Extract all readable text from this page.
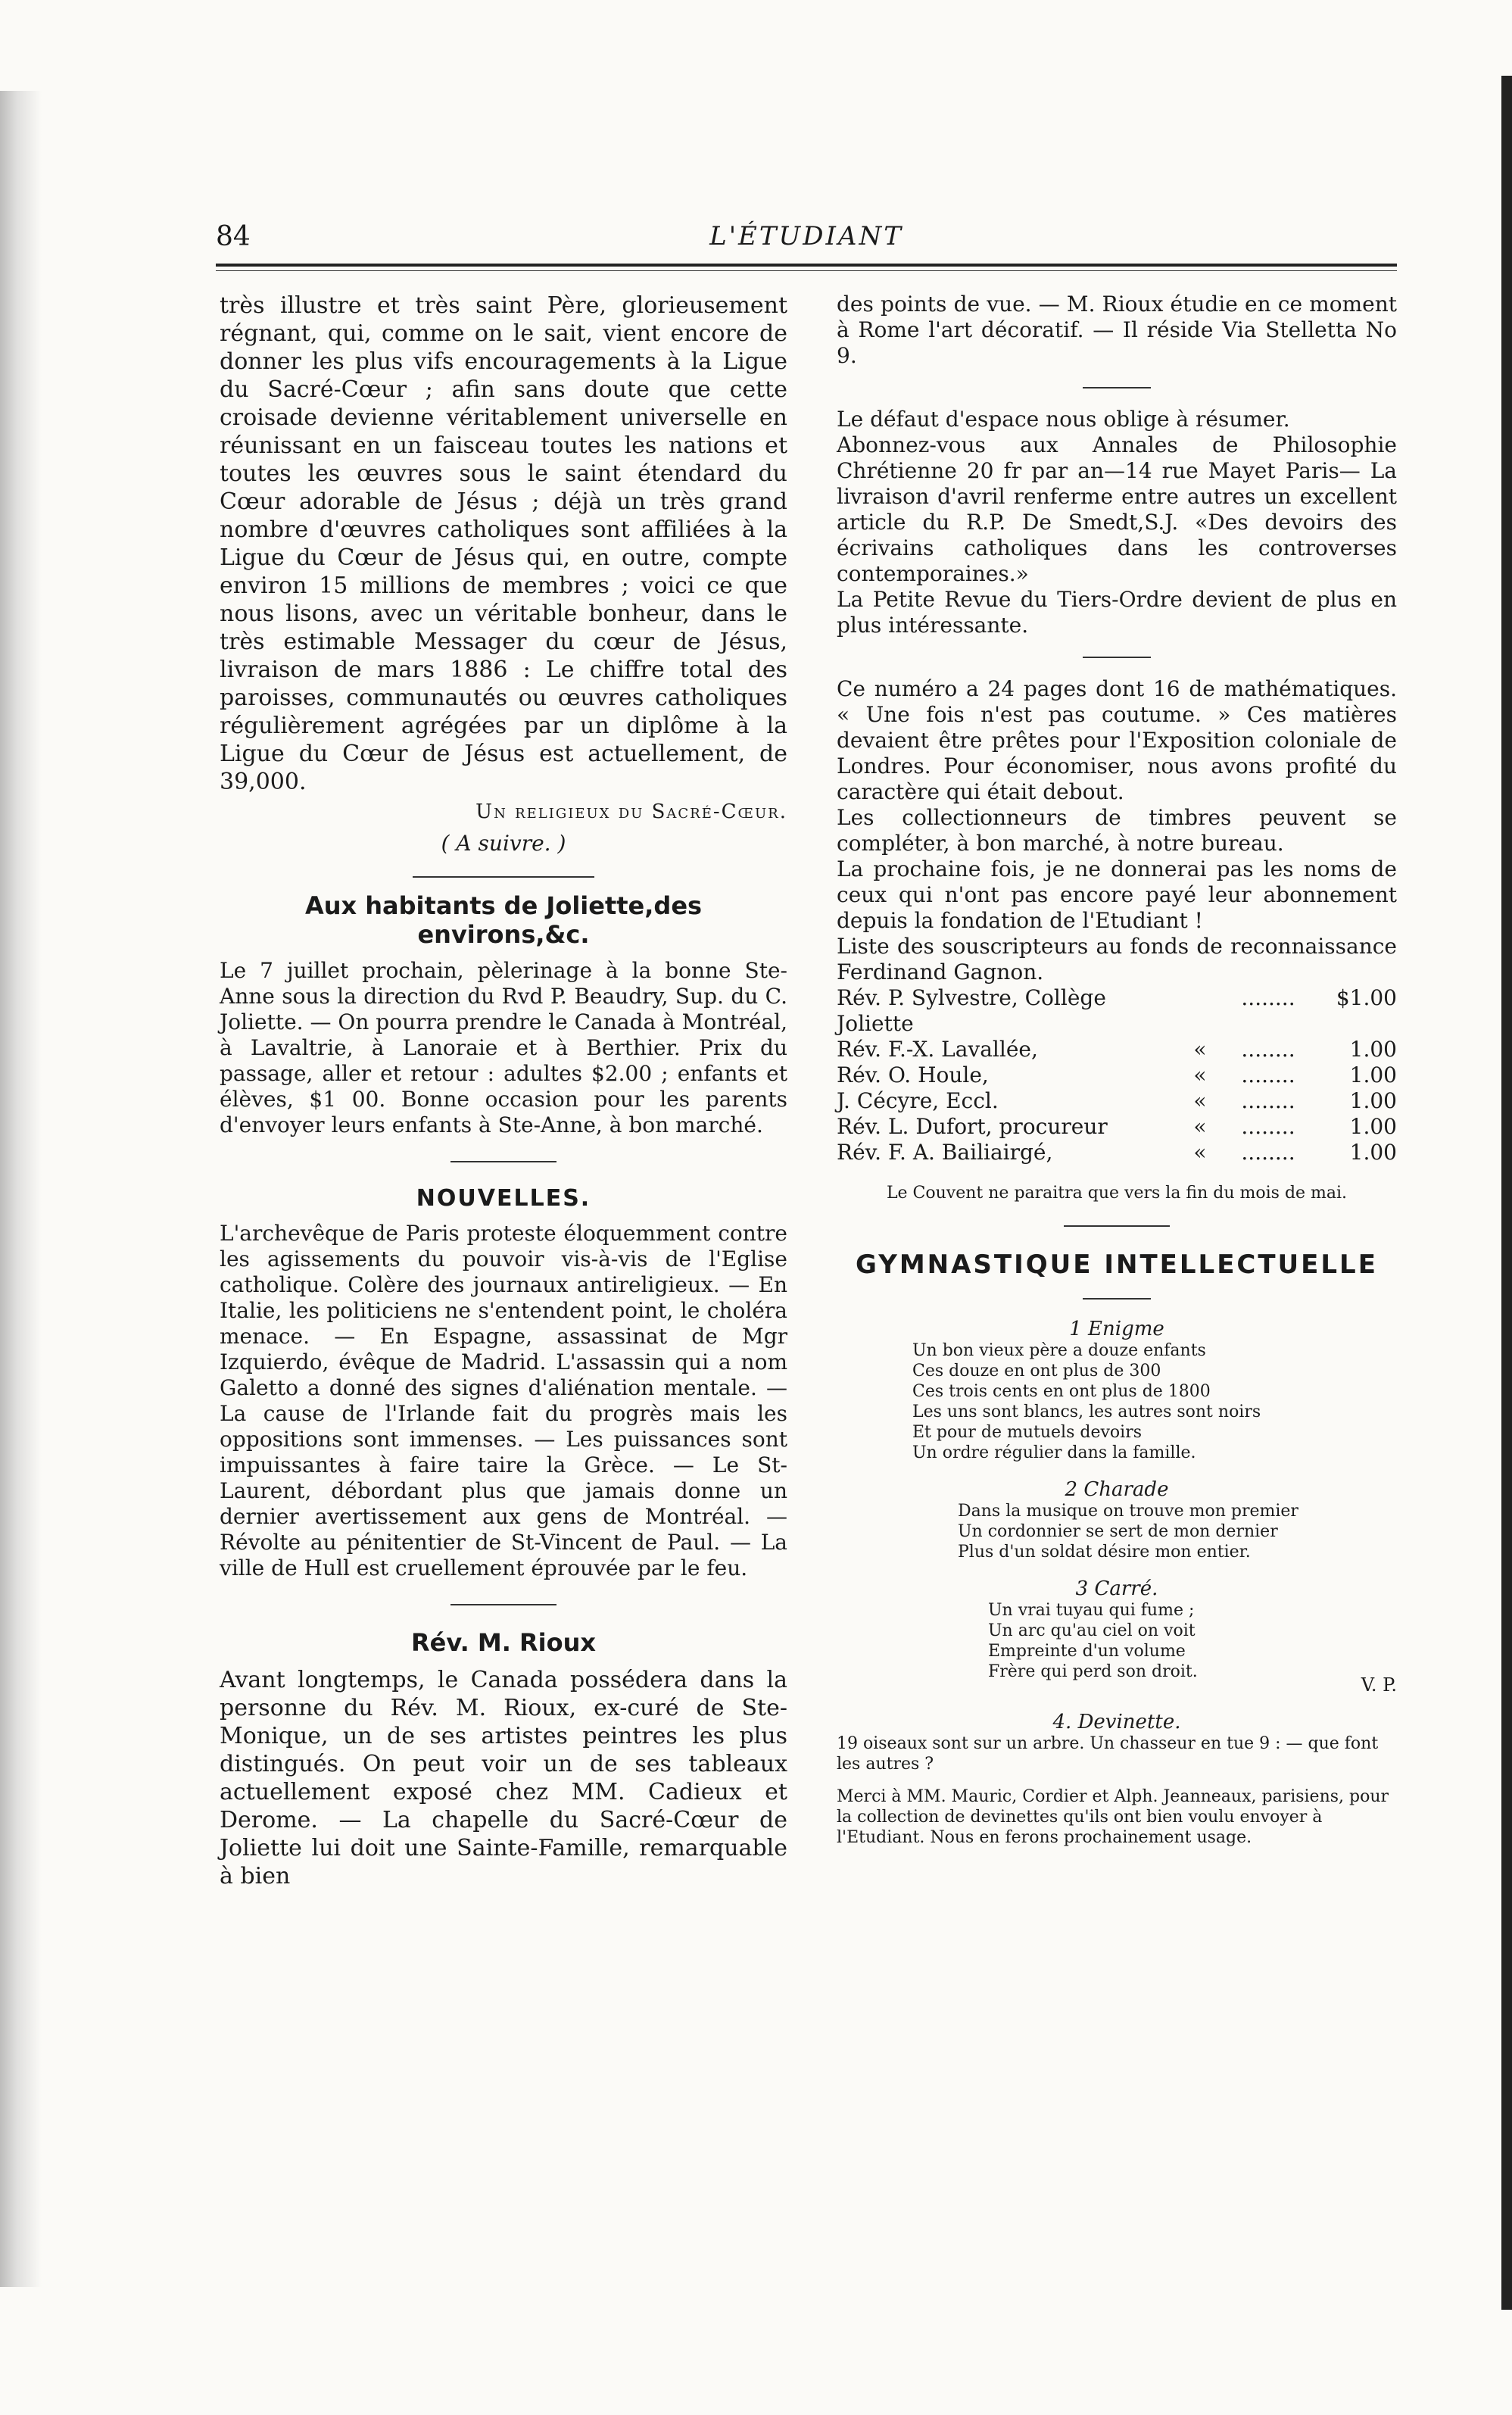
84	L'ÉTUDIANT

très illustre et très saint Père, glorieusement régnant, qui, comme on le sait, vient encore de donner les plus vifs encouragements à la Ligue du Sacré-Cœur ; afin sans doute que cette croisade devienne véritablement universelle en réunissant en un faisceau toutes les nations et toutes les œuvres sous le saint étendard du Cœur adorable de Jésus ; déjà un très grand nombre d'œuvres catholiques sont affiliées à la Ligue du Cœur de Jésus qui, en outre, compte environ 15 millions de membres ; voici ce que nous lisons, avec un véritable bonheur, dans le très estimable Messager du cœur de Jésus, livraison de mars 1886 : Le chiffre total des paroisses, communautés ou œuvres catholiques régulièrement agrégées par un diplôme à la Ligue du Cœur de Jésus est actuellement, de 39,000.

Un religieux du Sacré-Cœur.
( A suivre. )
Aux habitants de Joliette,des environs,&c.

Le 7 juillet prochain, pèlerinage à la bonne Ste-Anne sous la direction du Rvd P. Beaudry, Sup. du C. Joliette. — On pourra prendre le Canada à Montréal, à Lavaltrie, à Lanoraie et à Berthier. Prix du passage, aller et retour : adultes $2.00 ; enfants et élèves, $1 00. Bonne occasion pour les parents d'envoyer leurs enfants à Ste-Anne, à bon marché.

NOUVELLES.

L'archevêque de Paris proteste éloquemment contre les agissements du pouvoir vis-à-vis de l'Eglise catholique. Colère des journaux antireligieux. — En Italie, les politiciens ne s'entendent point, le choléra menace. — En Espagne, assassinat de Mgr Izquierdo, évêque de Madrid. L'assassin qui a nom Galetto a donné des signes d'aliénation mentale. — La cause de l'Irlande fait du progrès mais les oppositions sont immenses. — Les puissances sont impuissantes à faire taire la Grèce. — Le St-Laurent, débordant plus que jamais donne un dernier avertissement aux gens de Montréal. — Révolte au pénitentier de St-Vincent de Paul. — La ville de Hull est cruellement éprouvée par le feu.

Rév. M. Rioux

Avant longtemps, le Canada possédera dans la personne du Rév. M. Rioux, ex-curé de Ste-Monique, un de ses artistes peintres les plus distingués. On peut voir un de ses tableaux actuellement exposé chez MM. Cadieux et Derome. — La chapelle du Sacré-Cœur de Joliette lui doit une Sainte-Famille, remarquable à bien

des points de vue. — M. Rioux étudie en ce moment à Rome l'art décoratif. — Il réside Via Stelletta No 9.

Le défaut d'espace nous oblige à résumer.

Abonnez-vous aux Annales de Philosophie Chrétienne 20 fr par an—14 rue Mayet Paris— La livraison d'avril renferme entre autres un excellent article du R.P. De Smedt,S.J. «Des devoirs des écrivains catholiques dans les controverses contemporaines.»

La Petite Revue du Tiers-Ordre devient de plus en plus intéressante.

Ce numéro a 24 pages dont 16 de mathématiques. « Une fois n'est pas coutume. » Ces matières devaient être prêtes pour l'Exposition coloniale de Londres. Pour économiser, nous avons profité du caractère qui était debout.

Les collectionneurs de timbres peuvent se compléter, à bon marché, à notre bureau.

La prochaine fois, je ne donnerai pas les noms de ceux qui n'ont pas encore payé leur abonnement depuis la fondation de l'Etudiant !

Liste des souscripteurs au fonds de reconnaissance Ferdinand Gagnon.

Rév. P. Sylvestre, Collège Joliette		........	$1.00
Rév. F.-X. Lavallée,	«	........	1.00
Rév. O. Houle,	«	........	1.00
J. Cécyre, Eccl.	«	........	1.00
Rév. L. Dufort, procureur	«	........	1.00
Rév. F. A. Bailiairgé,	«	........	1.00
Le Couvent ne paraitra que vers la fin du mois de mai.
GYMNASTIQUE INTELLECTUELLE
1 Enigme
Un bon vieux père a douze enfants
Ces douze en ont plus de 300
Ces trois cents en ont plus de 1800
Les uns sont blancs, les autres sont noirs
Et pour de mutuels devoirs
Un ordre régulier dans la famille.
2 Charade
Dans la musique on trouve mon premier
Un cordonnier se sert de mon dernier
Plus d'un soldat désire mon entier.
3 Carré.
Un vrai tuyau qui fume ;
Un arc qu'au ciel on voit
Empreinte d'un volume
Frère qui perd son droit.
V. P.
4. Devinette.

19 oiseaux sont sur un arbre. Un chasseur en tue 9 : — que font les autres ?

Merci à MM. Mauric, Cordier et Alph. Jeanneaux, parisiens, pour la collection de devinettes qu'ils ont bien voulu envoyer à l'Etudiant. Nous en ferons prochainement usage.
